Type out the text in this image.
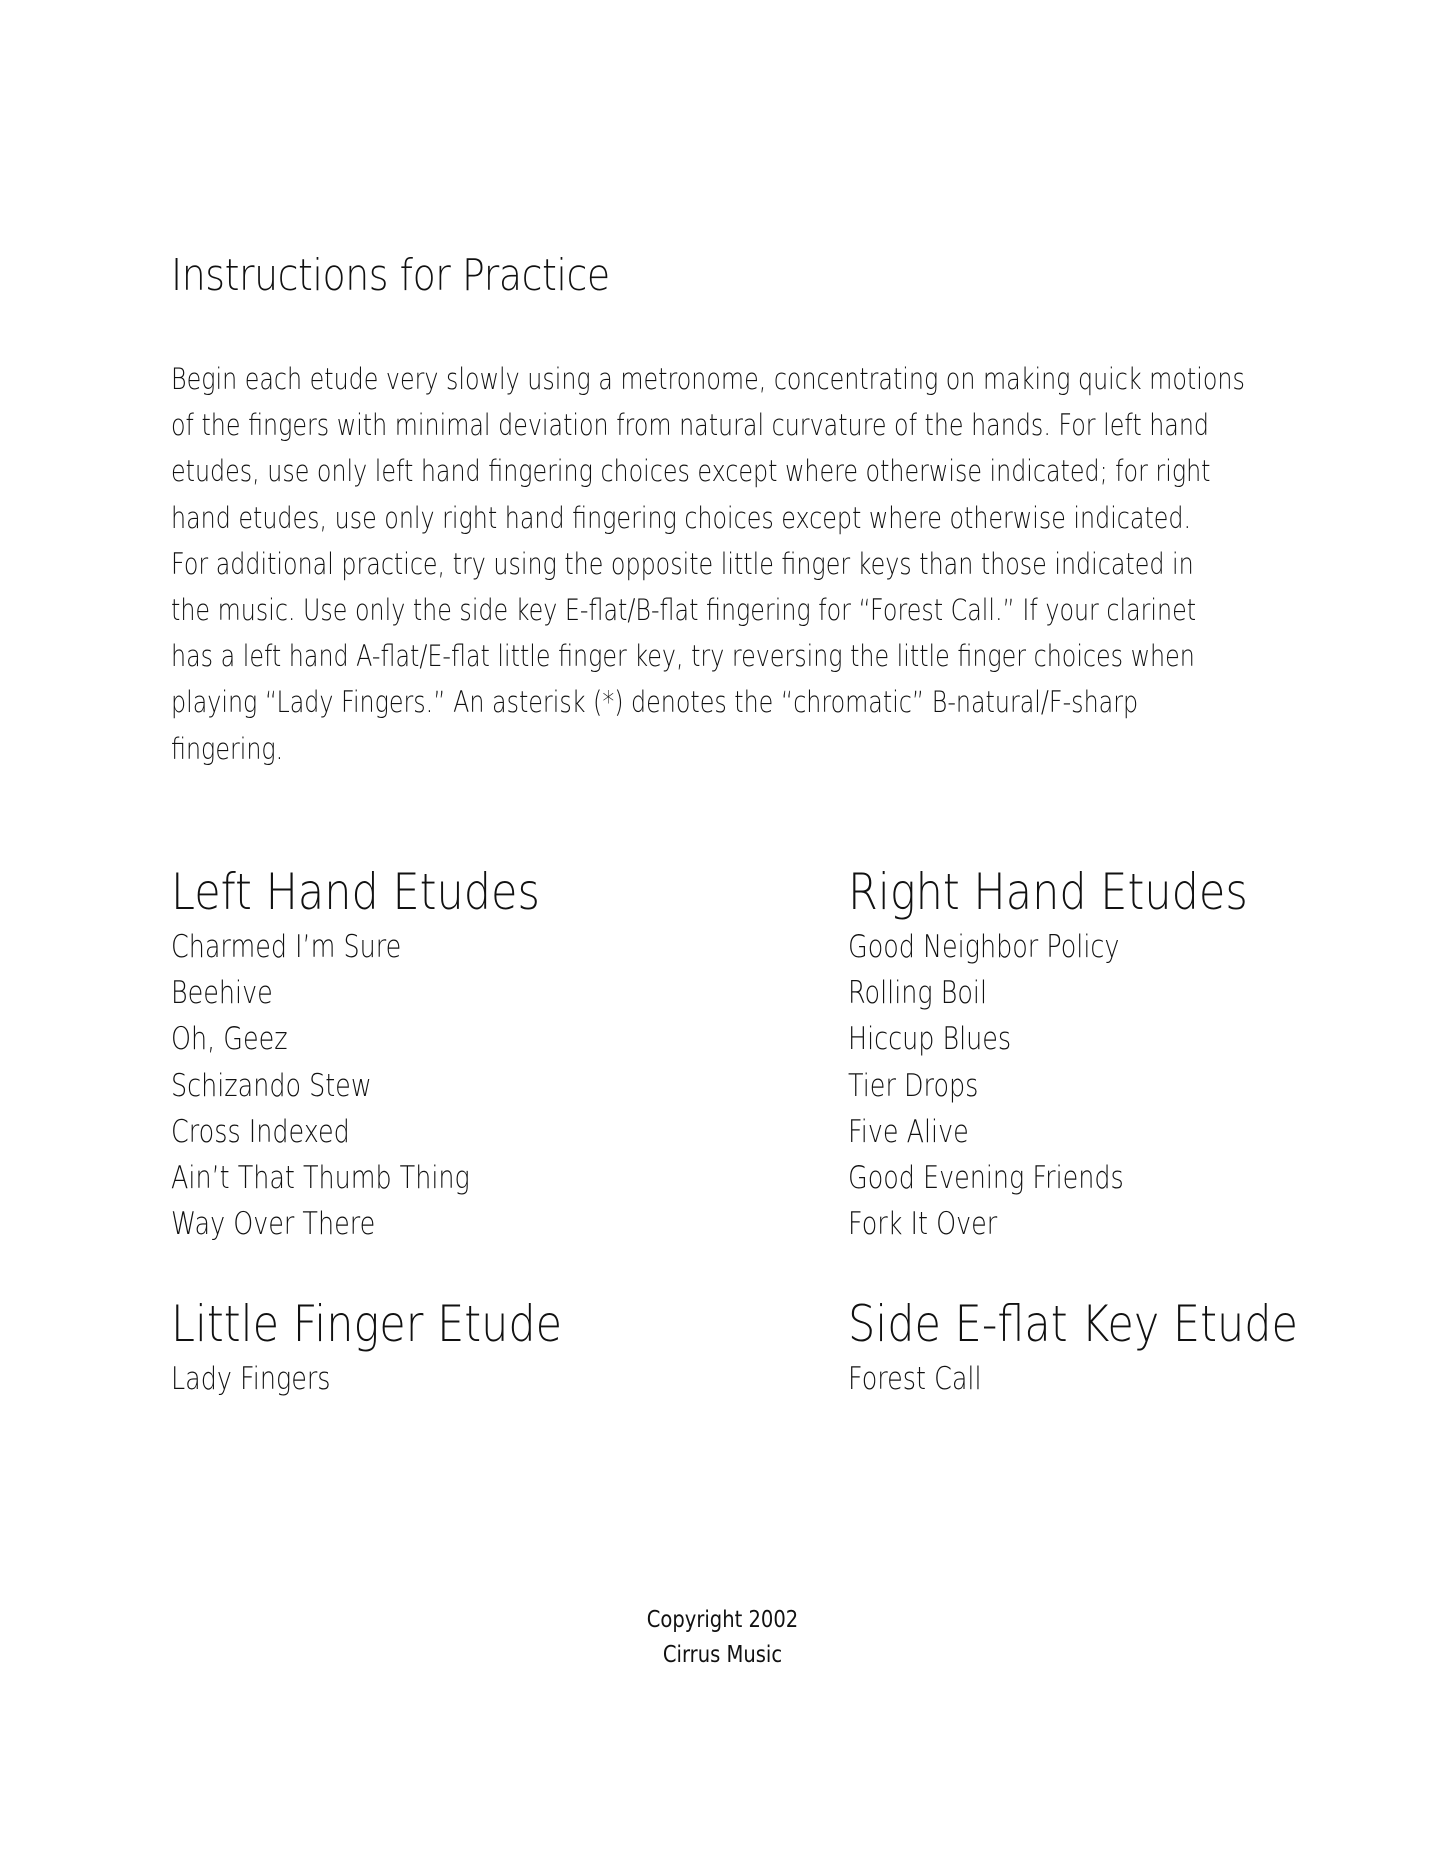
Instructions for Practice
Begin each etude very slowly using a metronome, concentrating on making quick motions
of the fingers with minimal deviation from natural curvature of the hands. For left hand
etudes, use only left hand fingering choices except where otherwise indicated; for right
hand etudes, use only right hand fingering choices except where otherwise indicated.
For additional practice, try using the opposite little finger keys than those indicated in
the music. Use only the side key E-flat/B-flat fingering for “Forest Call.” If your clarinet
has a left hand A-flat/E-flat little finger key, try reversing the little finger choices when
playing “Lady Fingers.” An asterisk (*) denotes the “chromatic” B-natural/F-sharp
fingering.
Left Hand Etudes
Charmed I’m Sure
Beehive
Oh, Geez
Schizando Stew
Cross Indexed
Ain’t That Thumb Thing
Way Over There
Right Hand Etudes
Good Neighbor Policy
Rolling Boil
Hiccup Blues
Tier Drops
Five Alive
Good Evening Friends
Fork It Over
Little Finger Etude
Lady Fingers
Side E-flat Key Etude
Forest Call
Copyright 2002
Cirrus Music
